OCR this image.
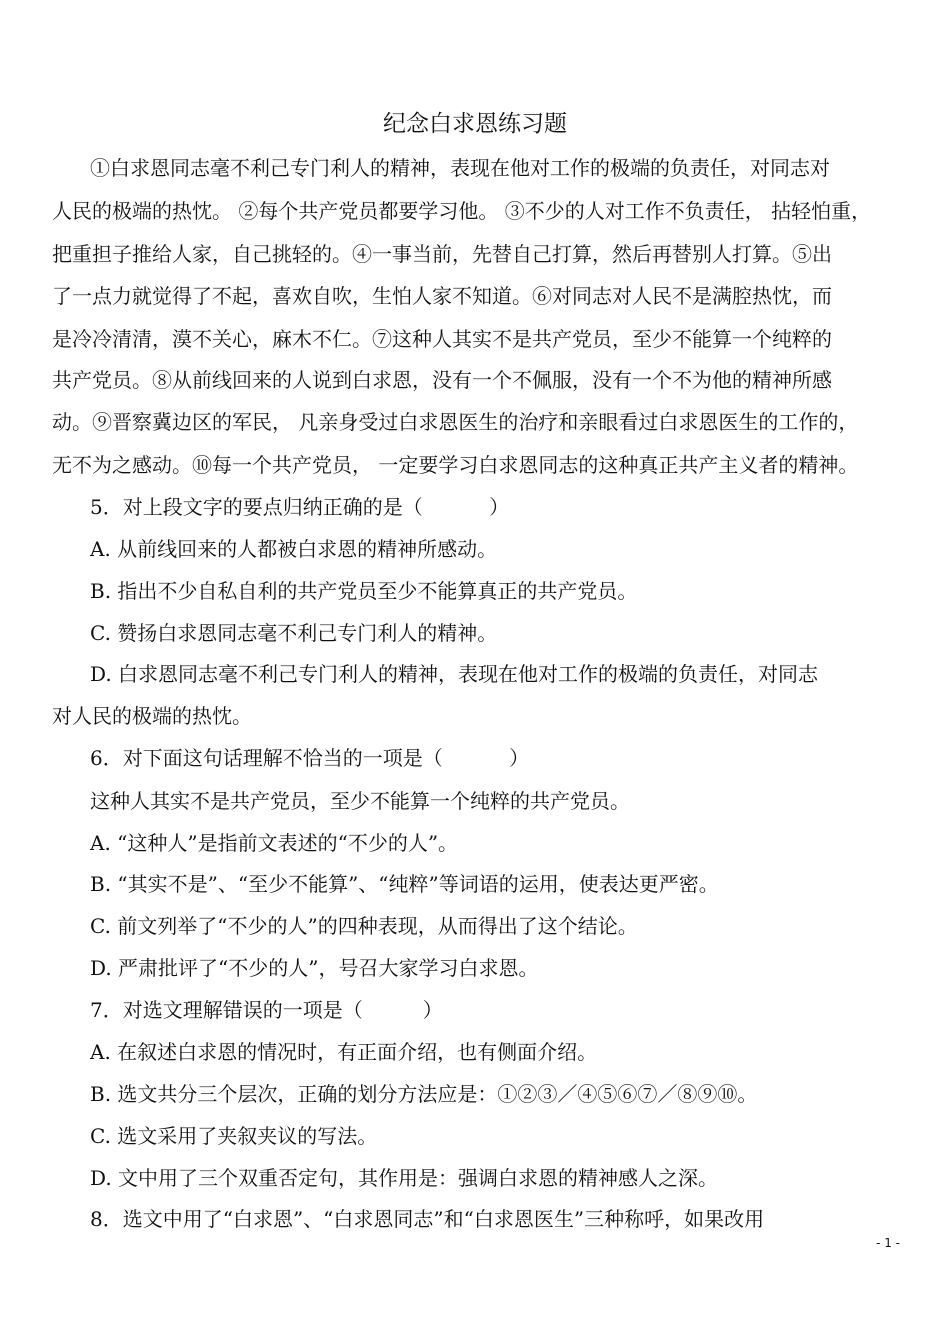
纪念白求恩练习题
①白求恩同志毫不利己专门利人的精神，表现在他对工作的极端的负责任，对同志对
人民的极端的热忱。 ②每个共产党员都要学习他。 ③不少的人对工作不负责任， 拈轻怕重，
把重担子推给人家，自己挑轻的。④一事当前，先替自己打算，然后再替别人打算。⑤出
了一点力就觉得了不起，喜欢自吹，生怕人家不知道。⑥对同志对人民不是满腔热忱，而
是冷冷清清，漠不关心，麻木不仁。⑦这种人其实不是共产党员，至少不能算一个纯粹的
共产党员。⑧从前线回来的人说到白求恩，没有一个不佩服，没有一个不为他的精神所感
动。⑨晋察冀边区的军民， 凡亲身受过白求恩医生的治疗和亲眼看过白求恩医生的工作的，
无不为之感动。⑩每一个共产党员， 一定要学习白求恩同志的这种真正共产主义者的精神。
5．对上段文字的要点归纳正确的是（　　　 ）
A. 从前线回来的人都被白求恩的精神所感动。
B. 指出不少自私自利的共产党员至少不能算真正的共产党员。
C. 赞扬白求恩同志毫不利己专门利人的精神。
D. 白求恩同志毫不利己专门利人的精神，表现在他对工作的极端的负责任，对同志
对人民的极端的热忱。
6．对下面这句话理解不恰当的一项是（　　　 ）
这种人其实不是共产党员，至少不能算一个纯粹的共产党员。
A. “这种人”是指前文表述的“不少的人”。
B. “其实不是”、“至少不能算”、“纯粹”等词语的运用，使表达更严密。
C. 前文列举了“不少的人”的四种表现，从而得出了这个结论。
D. 严肃批评了“不少的人”，号召大家学习白求恩。
7．对选文理解错误的一项是（　　　）
A. 在叙述白求恩的情况时，有正面介绍，也有侧面介绍。
B. 选文共分三个层次，正确的划分方法应是：①②③／④⑤⑥⑦／⑧⑨⑩。
C. 选文采用了夹叙夹议的写法。
D. 文中用了三个双重否定句，其作用是：强调白求恩的精神感人之深。
8．选文中用了“白求恩”、“白求恩同志”和“白求恩医生”三种称呼，如果改用
- 1 -
